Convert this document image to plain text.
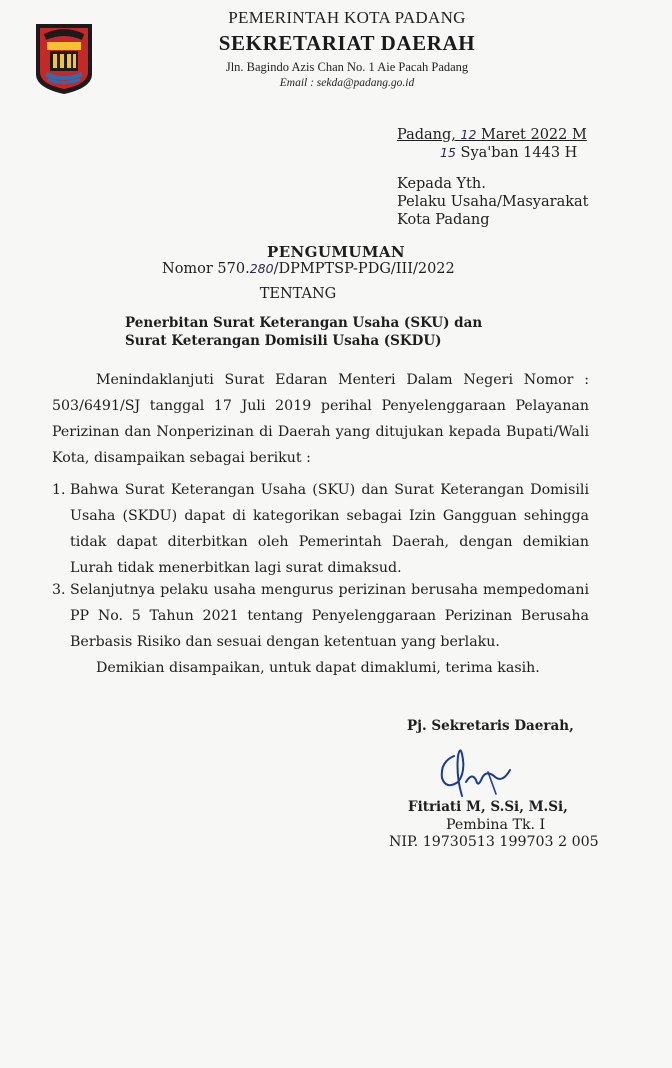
PEMERINTAH KOTA PADANG
SEKRETARIAT DAERAH
Jln. Bagindo Azis Chan No. 1 Aie Pacah Padang
Email : sekda@padang.go.id
Padang, 12 Maret 2022 M
15 Sya'ban 1443 H
Kepada Yth.
Pelaku Usaha/Masyarakat
Kota Padang
PENGUMUMAN
Nomor 570.280/DPMPTSP-PDG/III/2022
TENTANG
Penerbitan Surat Keterangan Usaha (SKU) dan
Surat Keterangan Domisili Usaha (SKDU)
Menindaklanjuti Surat Edaran Menteri Dalam Negeri Nomor : 503/6491/SJ tanggal 17 Juli 2019 perihal Penyelenggaraan Pelayanan Perizinan dan Nonperizinan di Daerah yang ditujukan kepada Bupati/Wali Kota, disampaikan sebagai berikut :
1. Bahwa Surat Keterangan Usaha (SKU) dan Surat Keterangan Domisili Usaha (SKDU) dapat di kategorikan sebagai Izin Gangguan sehingga tidak dapat diterbitkan oleh Pemerintah Daerah, dengan demikian Lurah tidak menerbitkan lagi surat dimaksud.
3. Selanjutnya pelaku usaha mengurus perizinan berusaha mempedomani PP No. 5 Tahun 2021 tentang Penyelenggaraan Perizinan Berusaha Berbasis Risiko dan sesuai dengan ketentuan yang berlaku.
Demikian disampaikan, untuk dapat dimaklumi, terima kasih.
Pj. Sekretaris Daerah,
Fitriati M, S.Si, M.Si,
Pembina Tk. I
NIP. 19730513 199703 2 005
